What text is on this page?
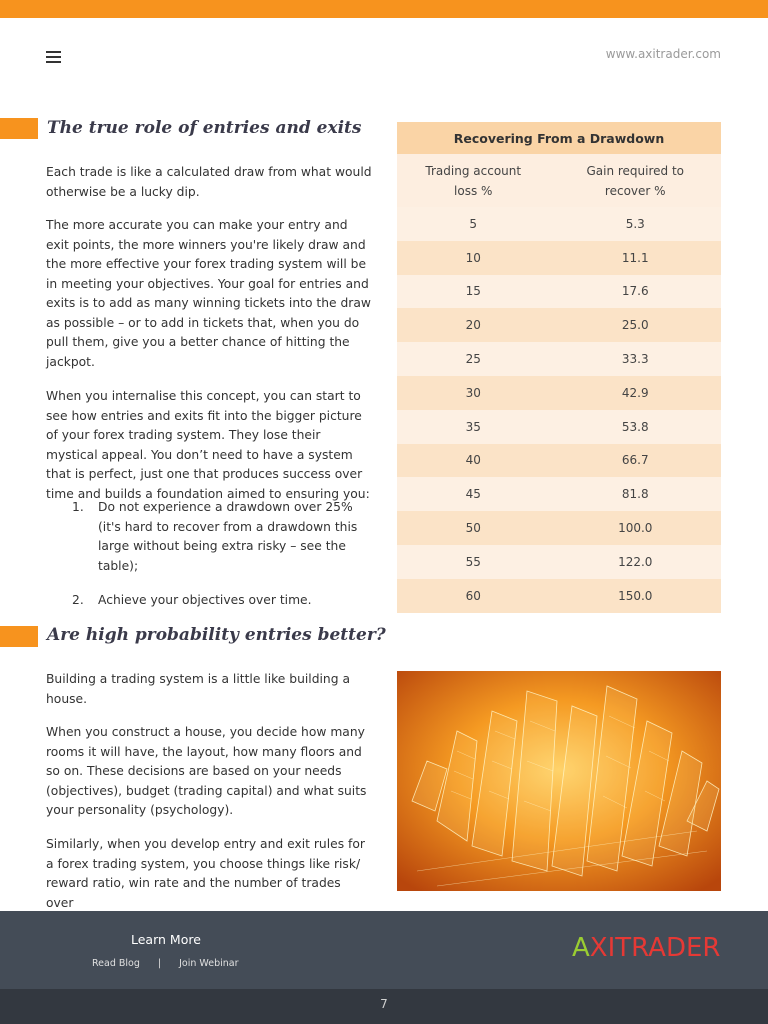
www.axitrader.com
The true role of entries and exits
Each trade is like a calculated draw from what would otherwise be a lucky dip.
The more accurate you can make your entry and exit points, the more winners you're likely draw and the more effective your forex trading system will be in meeting your objectives. Your goal for entries and exits is to add as many winning tickets into the draw as possible – or to add in tickets that, when you do pull them, give you a better chance of hitting the jackpot.
When you internalise this concept, you can start to see how entries and exits fit into the bigger picture of your forex trading system. They lose their mystical appeal. You don’t need to have a system that is perfect, just one that produces success over time and builds a foundation aimed to ensuring you:
1. Do not experience a drawdown over 25% (it's hard to recover from a drawdown this large without being extra risky – see the table);
2. Achieve your objectives over time.
Recovering From a Drawdown	
Trading account loss %	Gain required to recover %
5	5.3
10	11.1
15	17.6
20	25.0
25	33.3
30	42.9
35	53.8
40	66.7
45	81.8
50	100.0
55	122.0
60	150.0
Are high probability entries better?
Building a trading system is a little like building a house.
When you construct a house, you decide how many rooms it will have, the layout, how many floors and so on. These decisions are based on your needs (objectives), budget (trading capital) and what suits your personality (psychology).
Similarly, when you develop entry and exit rules for a forex trading system, you choose things like risk/ reward ratio, win rate and the number of trades over
Learn More
Read Blog | Join Webinar
AXITRADER
7
